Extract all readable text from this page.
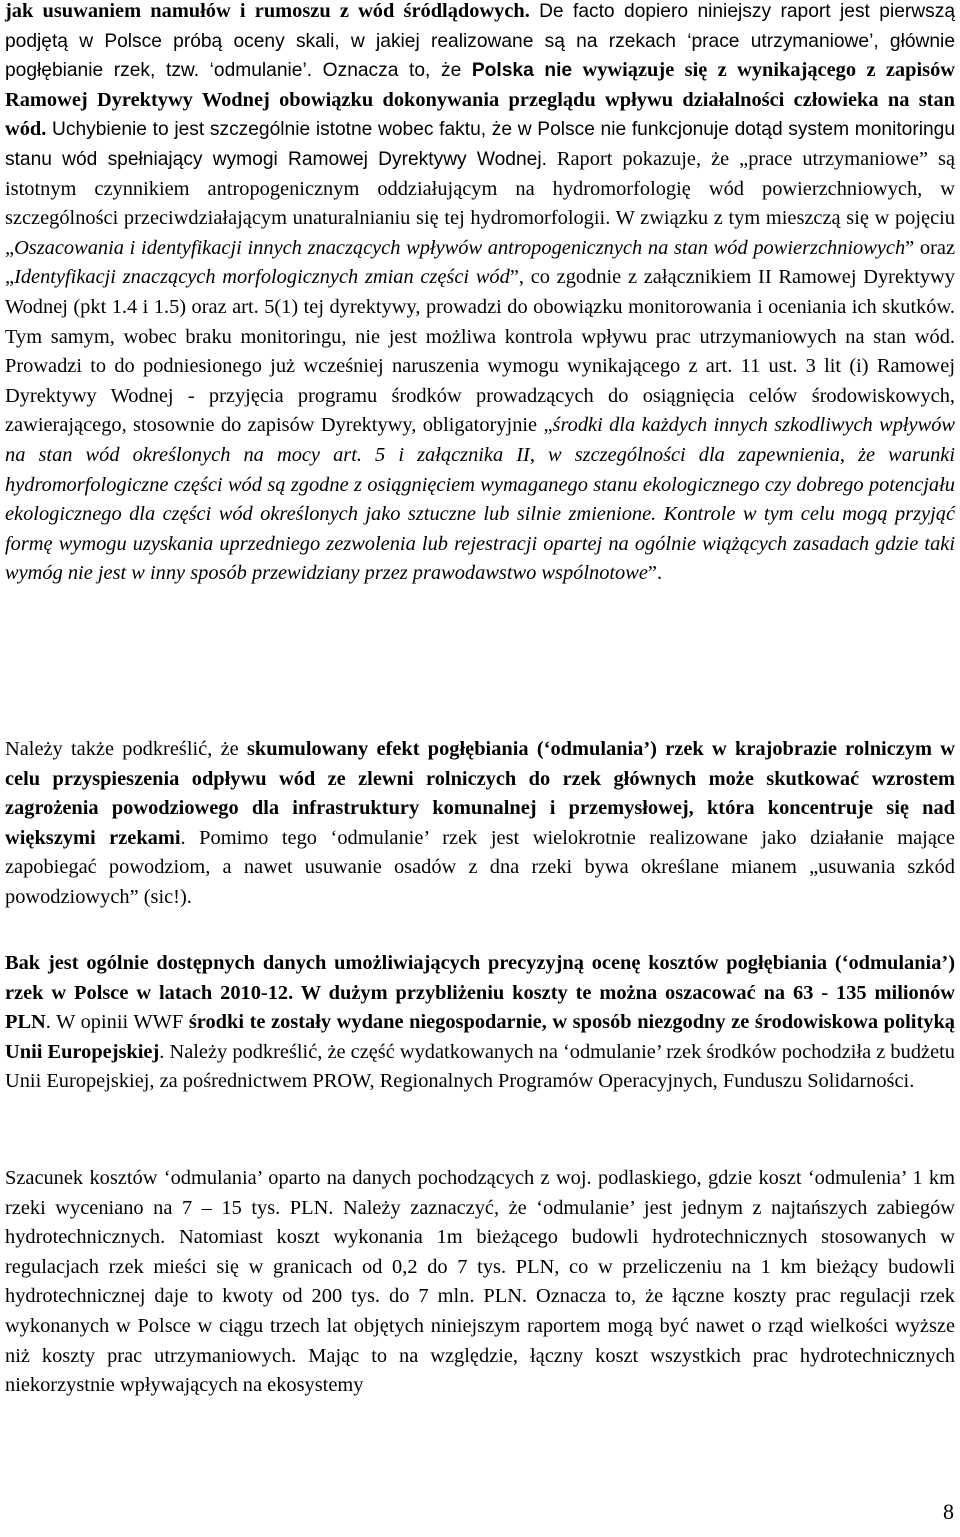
jak usuwaniem namułów i rumoszu z wód śródlądowych. De facto dopiero niniejszy raport jest pierwszą podjętą w Polsce próbą oceny skali, w jakiej realizowane są na rzekach ‘prace utrzymaniowe’, głównie pogłębianie rzek, tzw. ‘odmulanie’. Oznacza to, że Polska nie wywiązuje się z wynikającego z zapisów Ramowej Dyrektywy Wodnej obowiązku dokonywania przeglądu wpływu działalności człowieka na stan wód. Uchybienie to jest szczególnie istotne wobec faktu, że w Polsce nie funkcjonuje dotąd system monitoringu stanu wód spełniający wymogi Ramowej Dyrektywy Wodnej. Raport pokazuje, że „prace utrzymaniowe” są istotnym czynnikiem antropogenicznym oddziałującym na hydromorfologię wód powierzchniowych, w szczególności przeciwdziałającym unaturalnianiu się tej hydromorfologii. W związku z tym mieszczą się w pojęciu „Oszacowania i identyfikacji innych znaczących wpływów antropogenicznych na stan wód powierzchniowych” oraz „Identyfikacji znaczących morfologicznych zmian części wód”, co zgodnie z załącznikiem II Ramowej Dyrektywy Wodnej (pkt 1.4 i 1.5) oraz art. 5(1) tej dyrektywy, prowadzi do obowiązku monitorowania i oceniania ich skutków. Tym samym, wobec braku monitoringu, nie jest możliwa kontrola wpływu prac utrzymaniowych na stan wód. Prowadzi to do podniesionego już wcześniej naruszenia wymogu wynikającego z art. 11 ust. 3 lit (i) Ramowej Dyrektywy Wodnej - przyjęcia programu środków prowadzących do osiągnięcia celów środowiskowych, zawierającego, stosownie do zapisów Dyrektywy, obligatoryjnie „środki dla każdych innych szkodliwych wpływów na stan wód określonych na mocy art. 5 i załącznika II, w szczególności dla zapewnienia, że warunki hydromorfologiczne części wód są zgodne z osiągnięciem wymaganego stanu ekologicznego czy dobrego potencjału ekologicznego dla części wód określonych jako sztuczne lub silnie zmienione. Kontrole w tym celu mogą przyjąć formę wymogu uzyskania uprzedniego zezwolenia lub rejestracji opartej na ogólnie wiążących zasadach gdzie taki wymóg nie jest w inny sposób przewidziany przez prawodawstwo wspólnotowe”.

Należy także podkreślić, że skumulowany efekt pogłębiania (‘odmulania’) rzek w krajobrazie rolniczym w celu przyspieszenia odpływu wód ze zlewni rolniczych do rzek głównych może skutkować wzrostem zagrożenia powodziowego dla infrastruktury komunalnej i przemysłowej, która koncentruje się nad większymi rzekami. Pomimo tego ‘odmulanie’ rzek jest wielokrotnie realizowane jako działanie mające zapobiegać powodziom, a nawet usuwanie osadów z dna rzeki bywa określane mianem „usuwania szkód powodziowych” (sic!).

Bak jest ogólnie dostępnych danych umożliwiających precyzyjną ocenę kosztów pogłębiania (‘odmulania’) rzek w Polsce w latach 2010-12. W dużym przybliżeniu koszty te można oszacować na 63 - 135 milionów PLN. W opinii WWF środki te zostały wydane niegospodarnie, w sposób niezgodny ze środowiskowa polityką Unii Europejskiej. Należy podkreślić, że część wydatkowanych na ‘odmulanie’ rzek środków pochodziła z budżetu Unii Europejskiej, za pośrednictwem PROW, Regionalnych Programów Operacyjnych, Funduszu Solidarności.

Szacunek kosztów ‘odmulania’ oparto na danych pochodzących z woj. podlaskiego, gdzie koszt ‘odmulenia’ 1 km rzeki wyceniano na 7 – 15 tys. PLN. Należy zaznaczyć, że ‘odmulanie’ jest jednym z najtańszych zabiegów hydrotechnicznych. Natomiast koszt wykonania 1m bieżącego budowli hydrotechnicznych stosowanych w regulacjach rzek mieści się w granicach od 0,2 do 7 tys. PLN, co w przeliczeniu na 1 km bieżący budowli hydrotechnicznej daje to kwoty od 200 tys. do 7 mln. PLN. Oznacza to, że łączne koszty prac regulacji rzek wykonanych w Polsce w ciągu trzech lat objętych niniejszym raportem mogą być nawet o rząd wielkości wyższe niż koszty prac utrzymaniowych. Mając to na względzie, łączny koszt wszystkich prac hydrotechnicznych niekorzystnie wpływających na ekosystemy

8
